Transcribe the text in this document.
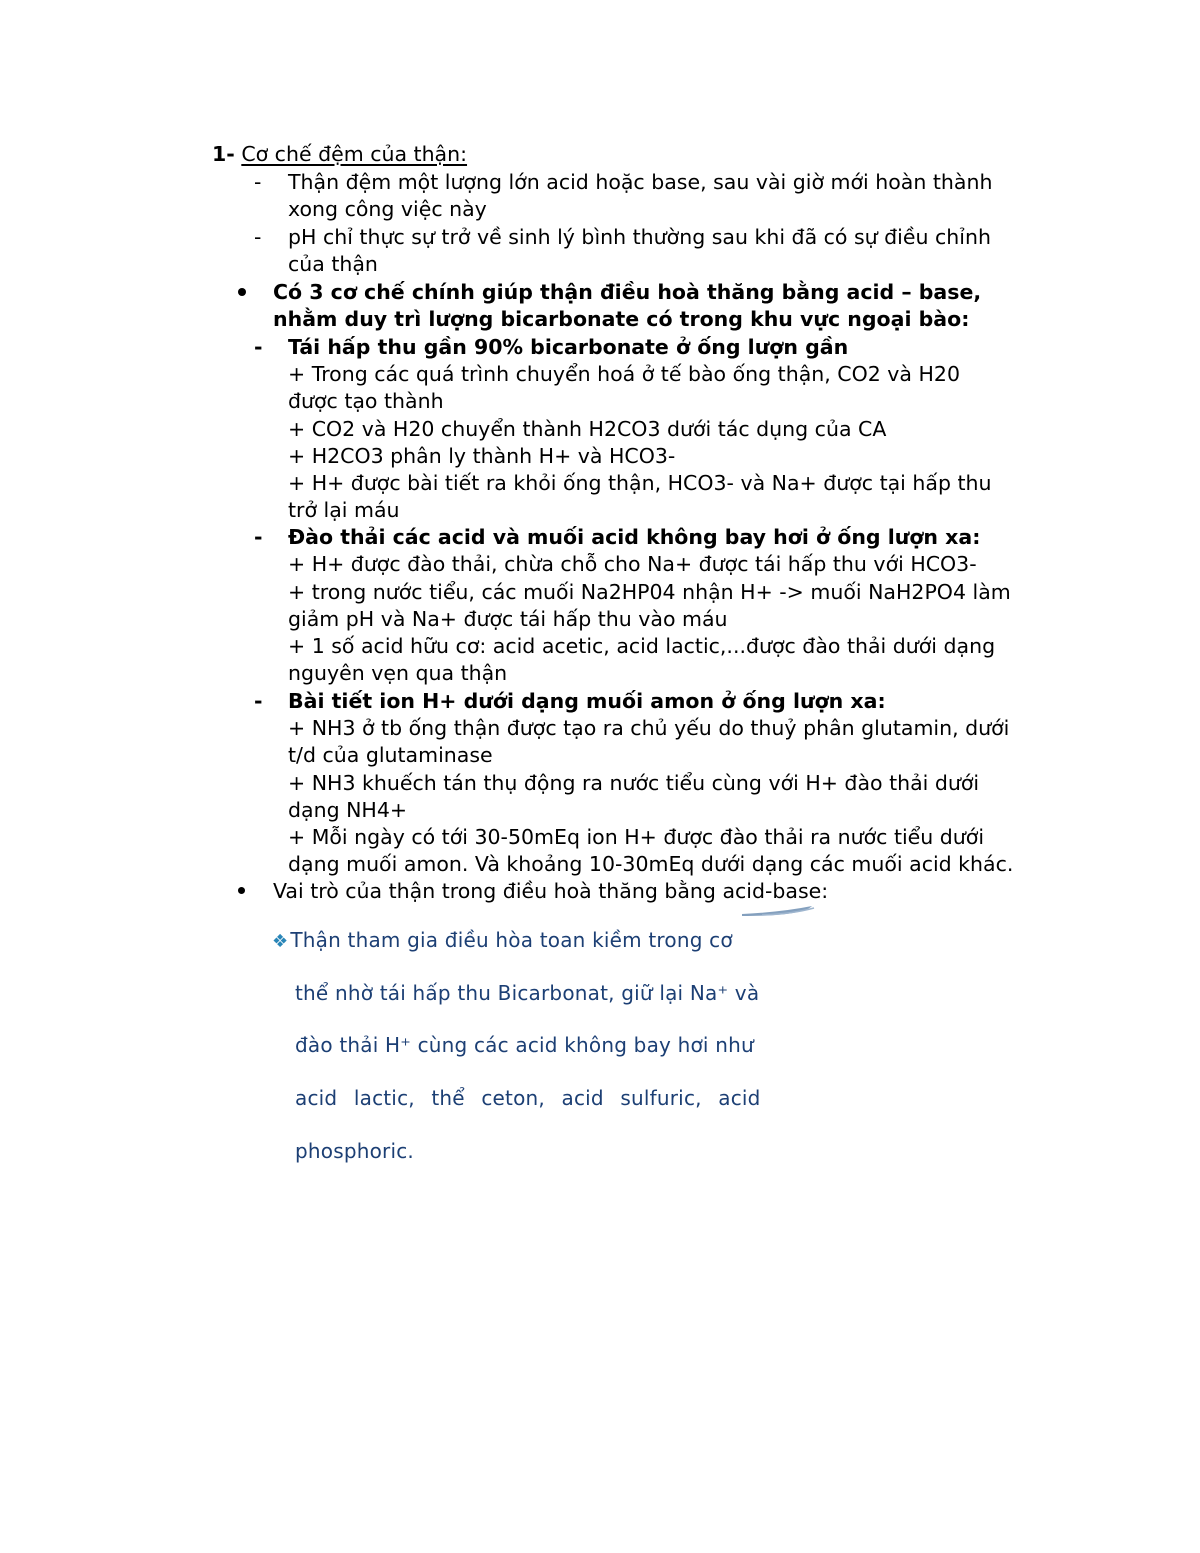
1- Cơ chế đệm của thận:
- Thận đệm một lượng lớn acid hoặc base, sau vài giờ mới hoàn thành
xong công việc này
- pH chỉ thực sự trở về sinh lý bình thường sau khi đã có sự điều chỉnh
của thận
Có 3 cơ chế chính giúp thận điều hoà thăng bằng acid – base,
nhằm duy trì lượng bicarbonate có trong khu vực ngoại bào:
- Tái hấp thu gần 90% bicarbonate ở ống lượn gần
+ Trong các quá trình chuyển hoá ở tế bào ống thận, CO2 và H20
được tạo thành
+ CO2 và H20 chuyển thành H2CO3 dưới tác dụng của CA
+ H2CO3 phân ly thành H+ và HCO3-
+ H+ được bài tiết ra khỏi ống thận, HCO3- và Na+ được tại hấp thu
trở lại máu
- Đào thải các acid và muối acid không bay hơi ở ống lượn xa:
+ H+ được đào thải, chừa chỗ cho Na+ được tái hấp thu với HCO3-
+ trong nước tiểu, các muối Na2HP04 nhận H+ -> muối NaH2PO4 làm
giảm pH và Na+ được tái hấp thu vào máu
+ 1 số acid hữu cơ: acid acetic, acid lactic,...được đào thải dưới dạng
nguyên vẹn qua thận
- Bài tiết ion H+ dưới dạng muối amon ở ống lượn xa:
+ NH3 ở tb ống thận được tạo ra chủ yếu do thuỷ phân glutamin, dưới
t/d của glutaminase
+ NH3 khuếch tán thụ động ra nước tiểu cùng với H+ đào thải dưới
dạng NH4+
+ Mỗi ngày có tới 30-50mEq ion H+ được đào thải ra nước tiểu dưới
dạng muối amon. Và khoảng 10-30mEq dưới dạng các muối acid khác.
Vai trò của thận trong điều hoà thăng bằng acid-base:
❖ Thận tham gia điều hòa toan kiềm trong cơ
thể nhờ tái hấp thu Bicarbonat, giữ lại Na⁺ và
đào thải H⁺ cùng các acid không bay hơi như
acid lactic, thể ceton, acid sulfuric, acid
phosphoric.
